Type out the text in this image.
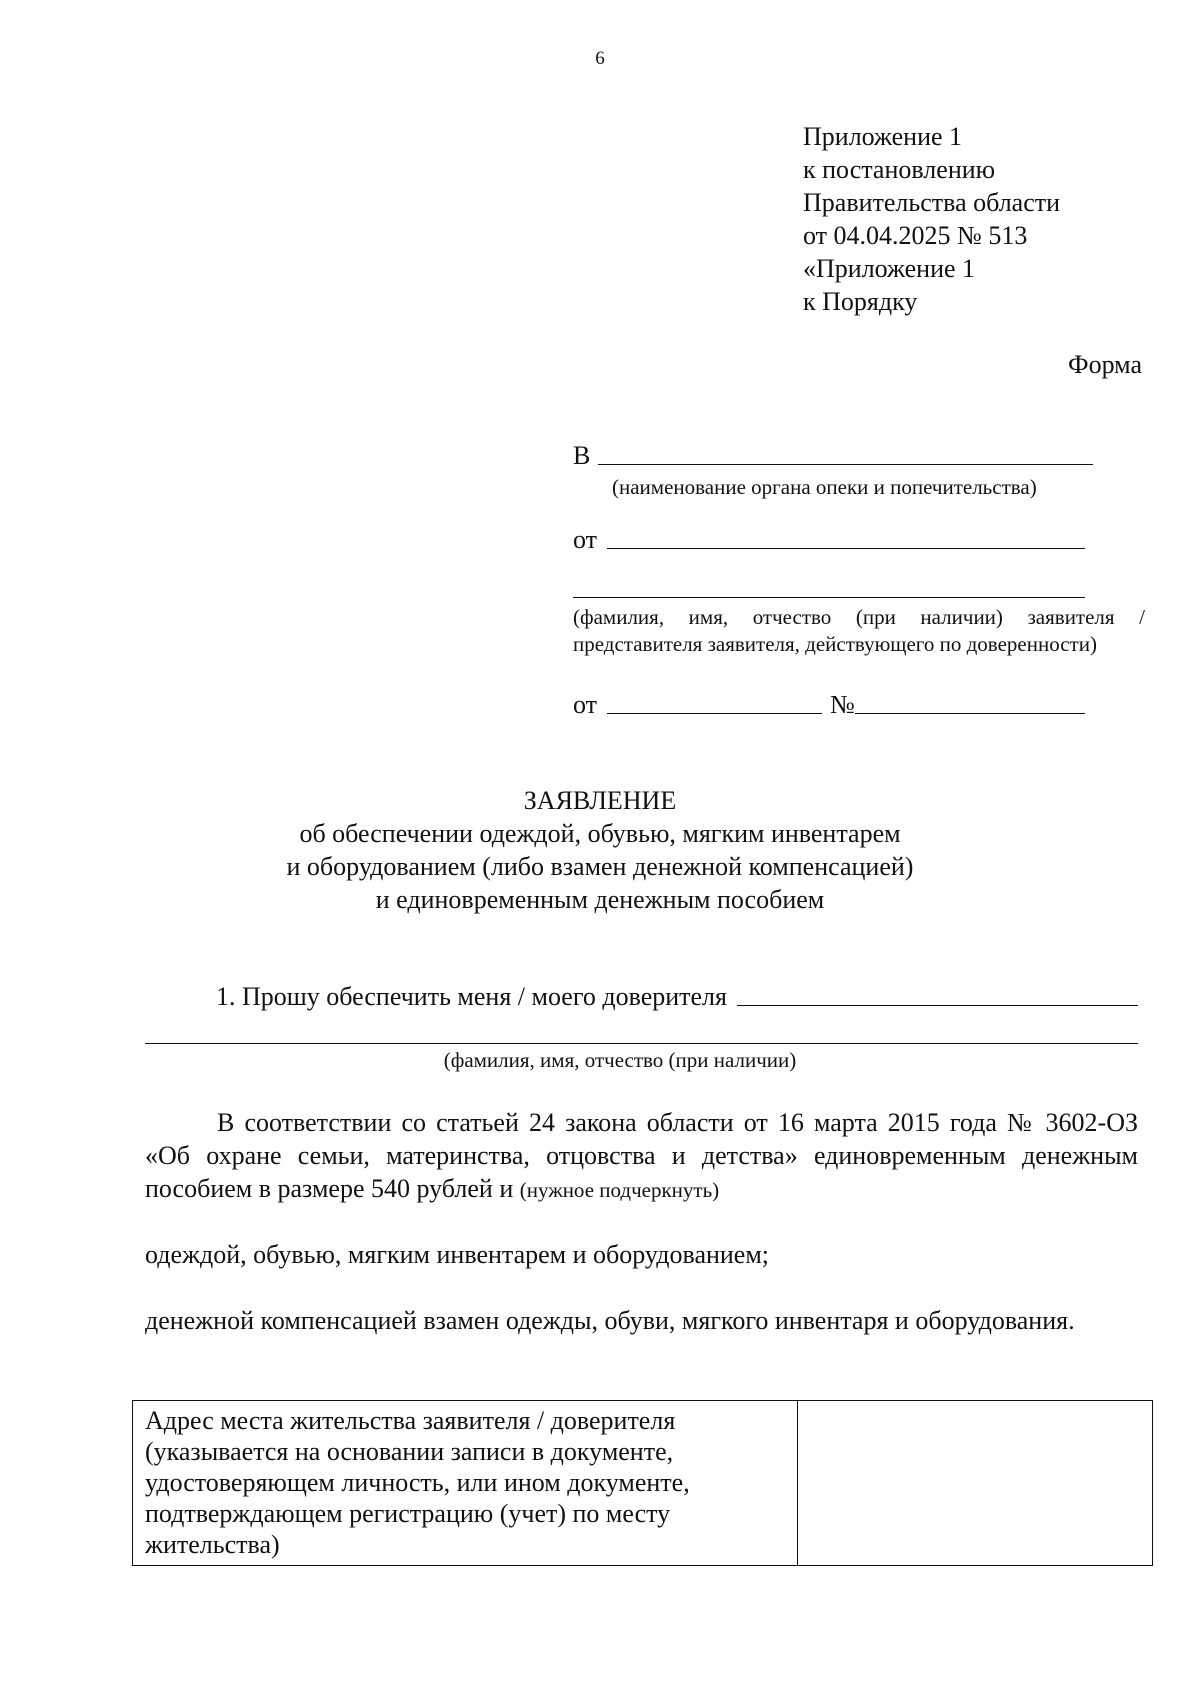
6
Приложение 1
к постановлению
Правительства области
от 04.04.2025 № 513
«Приложение 1
к Порядку
Форма
В
(наименование органа опеки и попечительства)
от
(фамилия, имя, отчество (при наличии) заявителя / представителя заявителя, действующего по доверенности)
от	№
ЗАЯВЛЕНИЕ
об обеспечении одеждой, обувью, мягким инвентарем
и оборудованием (либо взамен денежной компенсацией)
и единовременным денежным пособием
1. Прошу обеспечить меня / моего доверителя
(фамилия, имя, отчество (при наличии)
В соответствии со статьей 24 закона области от 16 марта 2015 года № 3602-ОЗ «Об охране семьи, материнства, отцовства и детства» единовременным денежным пособием в размере 540 рублей и (нужное подчеркнуть)
одеждой, обувью, мягким инвентарем и оборудованием;
денежной компенсацией взамен одежды, обуви, мягкого инвентаря и оборудования.
Адрес места жительства заявителя / доверителя (указывается на основании записи в документе, удостоверяющем личность, или ином документе, подтверждающем регистрацию (учет) по месту жительства)	
